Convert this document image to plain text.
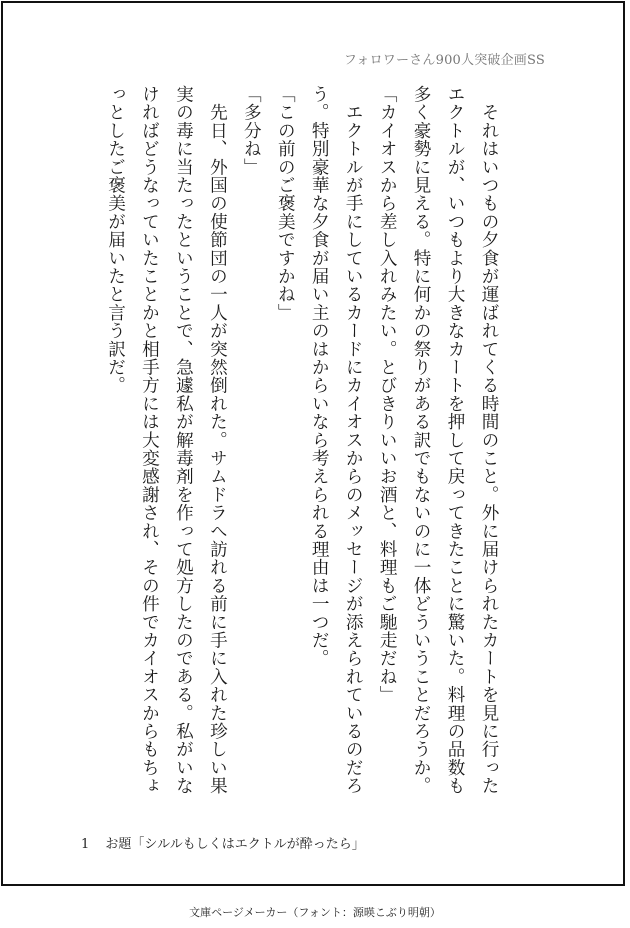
フォロワーさん900人突破企画SS

　それはいつもの夕食が運ばれてくる時間のこと。外に届けられたカートを見に行ったエクトルが、いつもより大きなカートを押して戻ってきたことに驚いた。料理の品数も多く豪勢に見える。特に何かの祭りがある訳でもないのに一体どういうことだろうか。

「カイオスから差し入れみたい。とびきりいいお酒と、料理もご馳走だね」

　エクトルが手にしているカードにカイオスからのメッセージが添えられているのだろう。特別豪華な夕食が届い主のはからいなら考えられる理由は一つだ。

「この前のご褒美ですかね」

「多分ね」

　先日、外国の使節団の一人が突然倒れた。サムドラへ訪れる前に手に入れた珍しい果実の毒に当たったということで、急遽私が解毒剤を作って処方したのである。私がいなければどうなっていたことかと相手方には大変感謝され、その件でカイオスからもちょっとしたご褒美が届いたと言う訳だ。

1 お題「シルルもしくはエクトルが酔ったら」
文庫ページメーカー（フォント：源暎こぶり明朝）
